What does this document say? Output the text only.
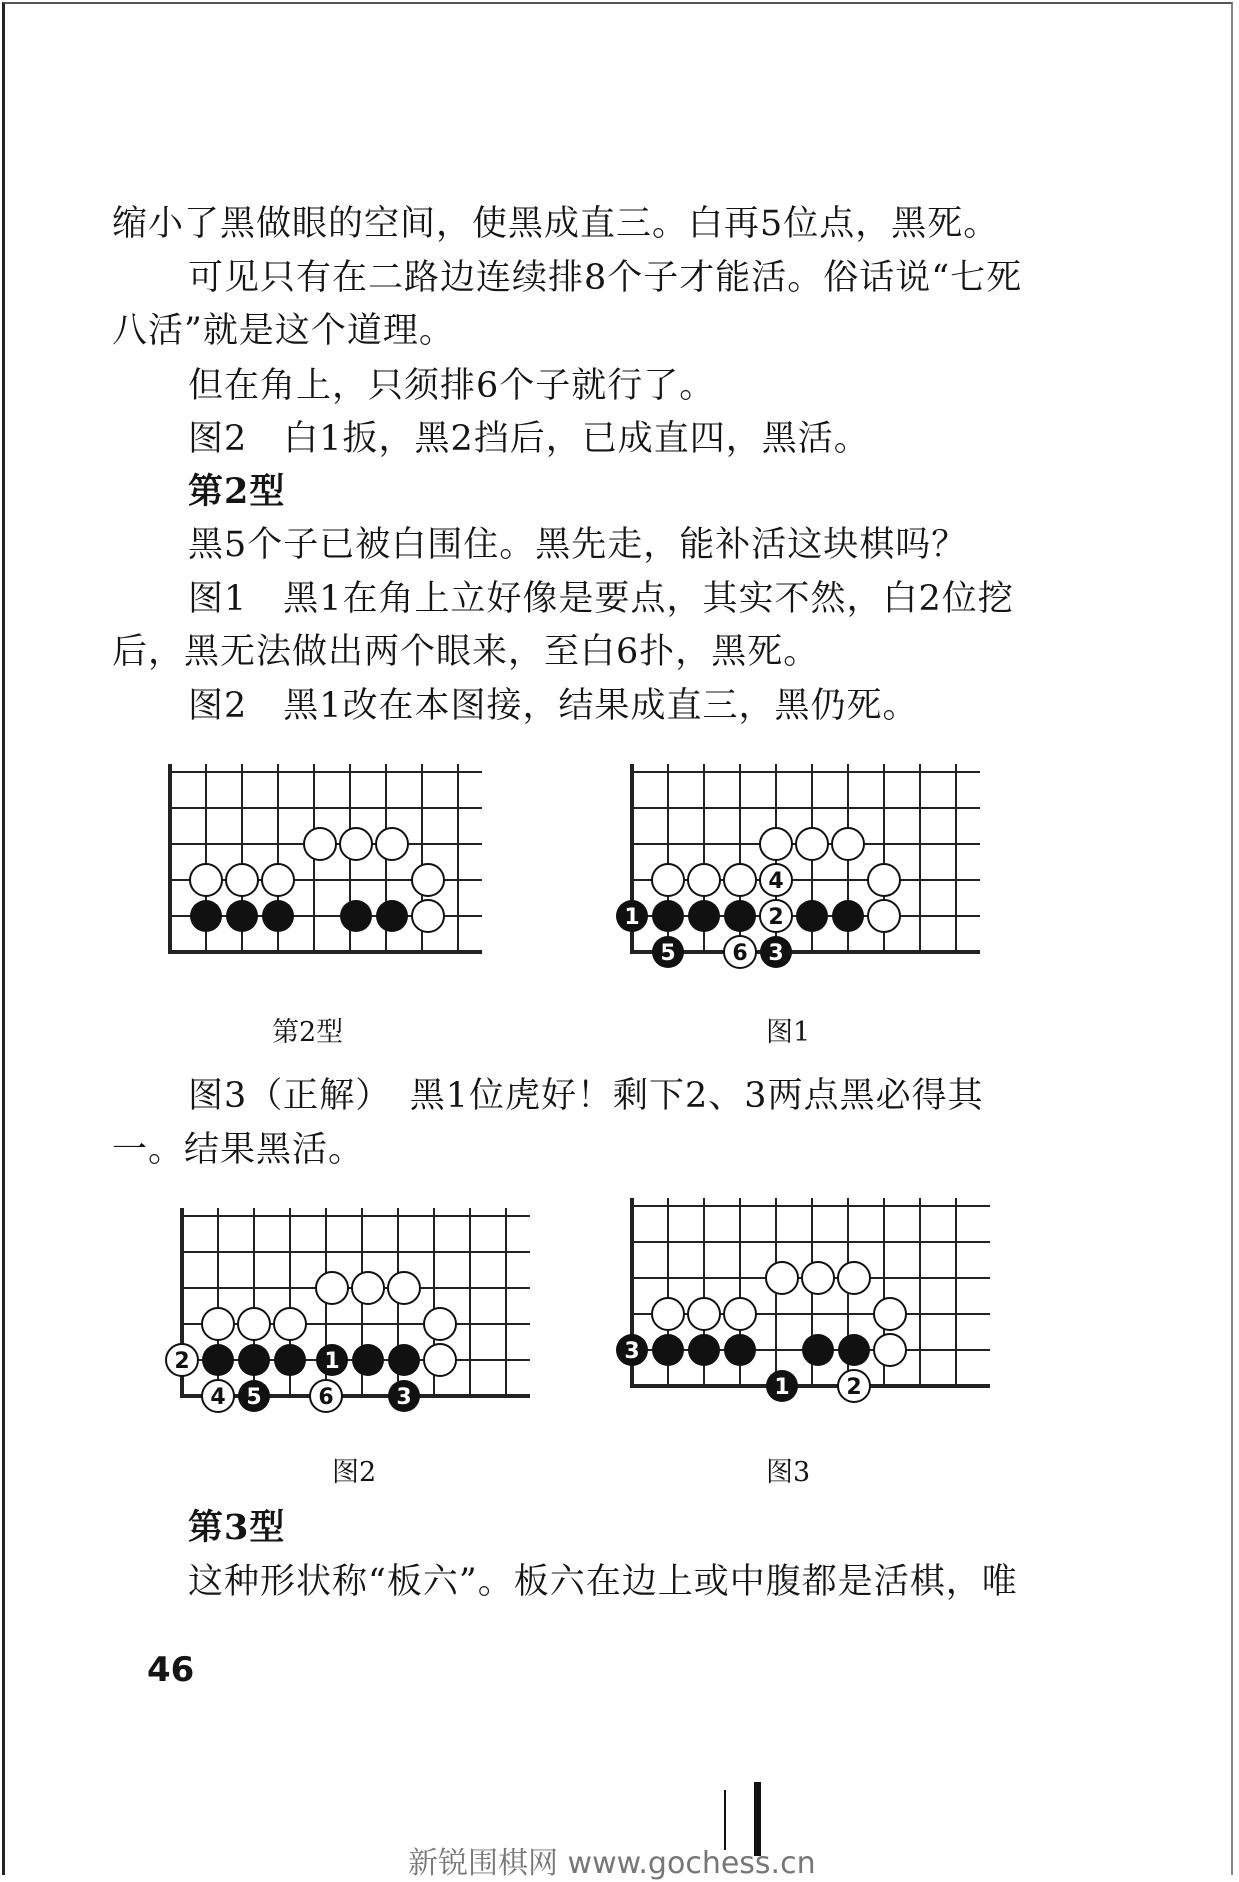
缩小了黑做眼的空间，使黑成直三。白再5位点，黑死。
可见只有在二路边连续排8个子才能活。俗话说“七死
八活”就是这个道理。
但在角上，只须排6个子就行了。
图2　白1扳，黑2挡后，已成直四，黑活。
第2型
黑5个子已被白围住。黑先走，能补活这块棋吗？
图1　黑1在角上立好像是要点，其实不然，白2位挖
后，黑无法做出两个眼来，至白6扑，黑死。
图2　黑1改在本图接，结果成直三，黑仍死。
第2型
1	2
3
4
5	6
图1
图3（正解）　黑1位虎好！剩下2、3两点黑必得其
一。结果黑活。
1
2
3
4 5	6
图2
1	2
3
图3
第3型
这种形状称“板六”。板六在边上或中腹都是活棋，唯
46
新锐围棋网 www.gochess.cn
